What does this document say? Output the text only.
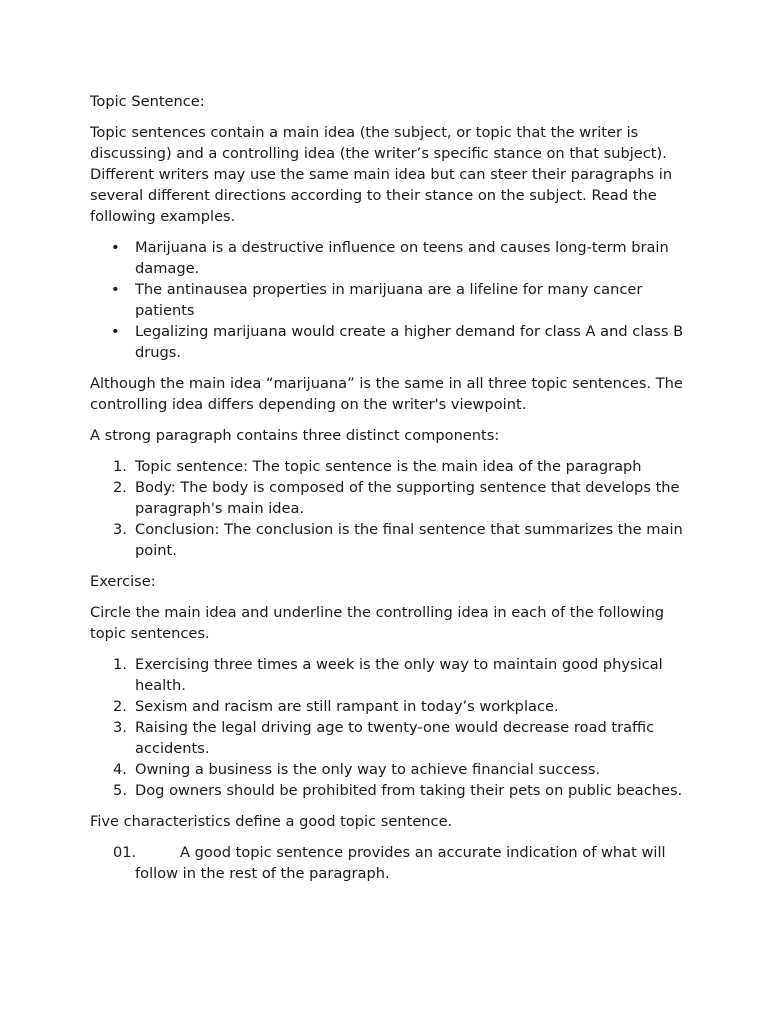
Topic Sentence:

Topic sentences contain a main idea (the subject, or topic that the writer is discussing) and a controlling idea (the writer’s specific stance on that subject). Different writers may use the same main idea but can steer their paragraphs in several different directions according to their stance on the subject. Read the following examples.

• Marijuana is a destructive influence on teens and causes long-term brain damage.
• The antinausea properties in marijuana are a lifeline for many cancer patients
• Legalizing marijuana would create a higher demand for class A and class B drugs.

Although the main idea “marijuana” is the same in all three topic sentences. The controlling idea differs depending on the writer's viewpoint.

A strong paragraph contains three distinct components:

1. Topic sentence: The topic sentence is the main idea of the paragraph
2. Body: The body is composed of the supporting sentence that develops the paragraph's main idea.
3. Conclusion: The conclusion is the final sentence that summarizes the main point.

Exercise:

Circle the main idea and underline the controlling idea in each of the following topic sentences.

1. Exercising three times a week is the only way to maintain good physical health.
2. Sexism and racism are still rampant in today’s workplace.
3. Raising the legal driving age to twenty-one would decrease road traffic accidents.
4. Owning a business is the only way to achieve financial success.
5. Dog owners should be prohibited from taking their pets on public beaches.

Five characteristics define a good topic sentence.

01.	A good topic sentence provides an accurate indication of what will follow in the rest of the paragraph.
